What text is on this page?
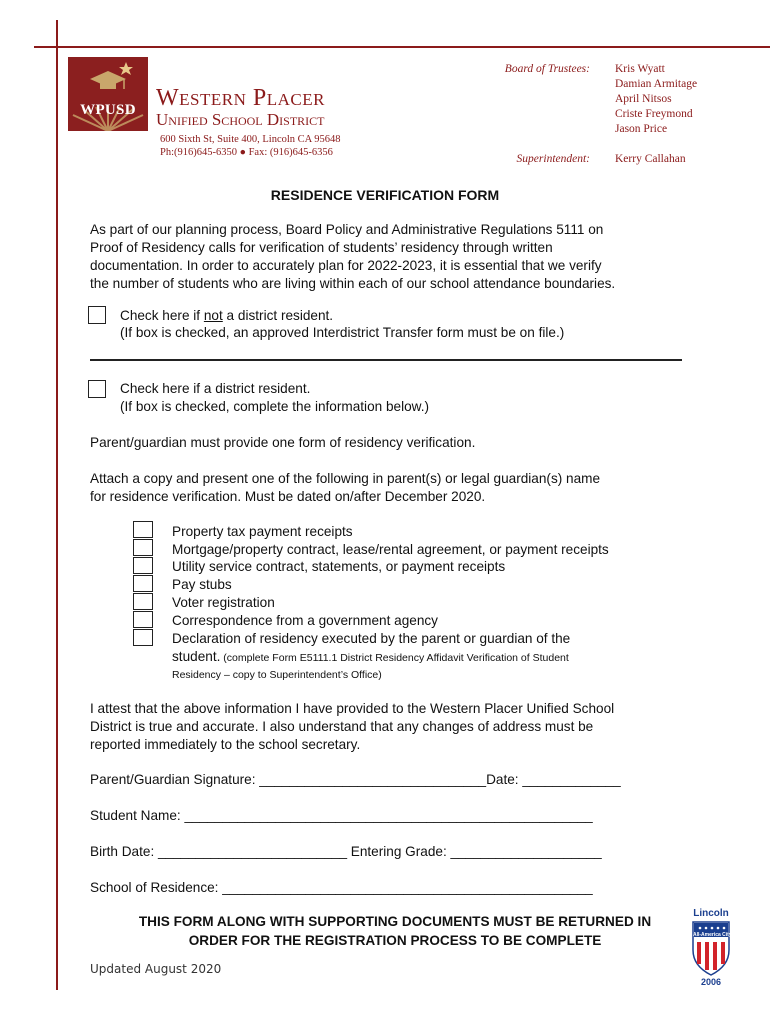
WPUSD Western Placer
Unified School District
600 Sixth St, Suite 400, Lincoln CA 95648
Ph:(916)645-6350 ● Fax: (916)645-6356
Board of Trustees: Kris Wyatt
Damian Armitage
April Nitsos
Criste Freymond
Jason Price
Superintendent: Kerry Callahan
RESIDENCE VERIFICATION FORM
As part of our planning process, Board Policy and Administrative Regulations 5111 on
Proof of Residency calls for verification of students’ residency through written
documentation. In order to accurately plan for 2022-2023, it is essential that we verify
the number of students who are living within each of our school attendance boundaries.
Check here if not a district resident.
(If box is checked, an approved Interdistrict Transfer form must be on file.)
Check here if a district resident.
(If box is checked, complete the information below.)
Parent/guardian must provide one form of residency verification.
Attach a copy and present one of the following in parent(s) or legal guardian(s) name
for residence verification. Must be dated on/after December 2020.
Property tax payment receipts
Mortgage/property contract, lease/rental agreement, or payment receipts
Utility service contract, statements, or payment receipts
Pay stubs
Voter registration
Correspondence from a government agency
Declaration of residency executed by the parent or guardian of the
student. (complete Form E5111.1 District Residency Affidavit Verification of Student
Residency – copy to Superintendent’s Office)
I attest that the above information I have provided to the Western Placer Unified School
District is true and accurate. I also understand that any changes of address must be
reported immediately to the school secretary.
Parent/Guardian Signature: ______________________________Date: _____________
Student Name: ______________________________________________________
Birth Date: _________________________ Entering Grade: ____________________
School of Residence: _________________________________________________
THIS FORM ALONG WITH SUPPORTING DOCUMENTS MUST BE RETURNED IN
ORDER FOR THE REGISTRATION PROCESS TO BE COMPLETE
Updated August 2020
Lincoln
All-America City
2006
